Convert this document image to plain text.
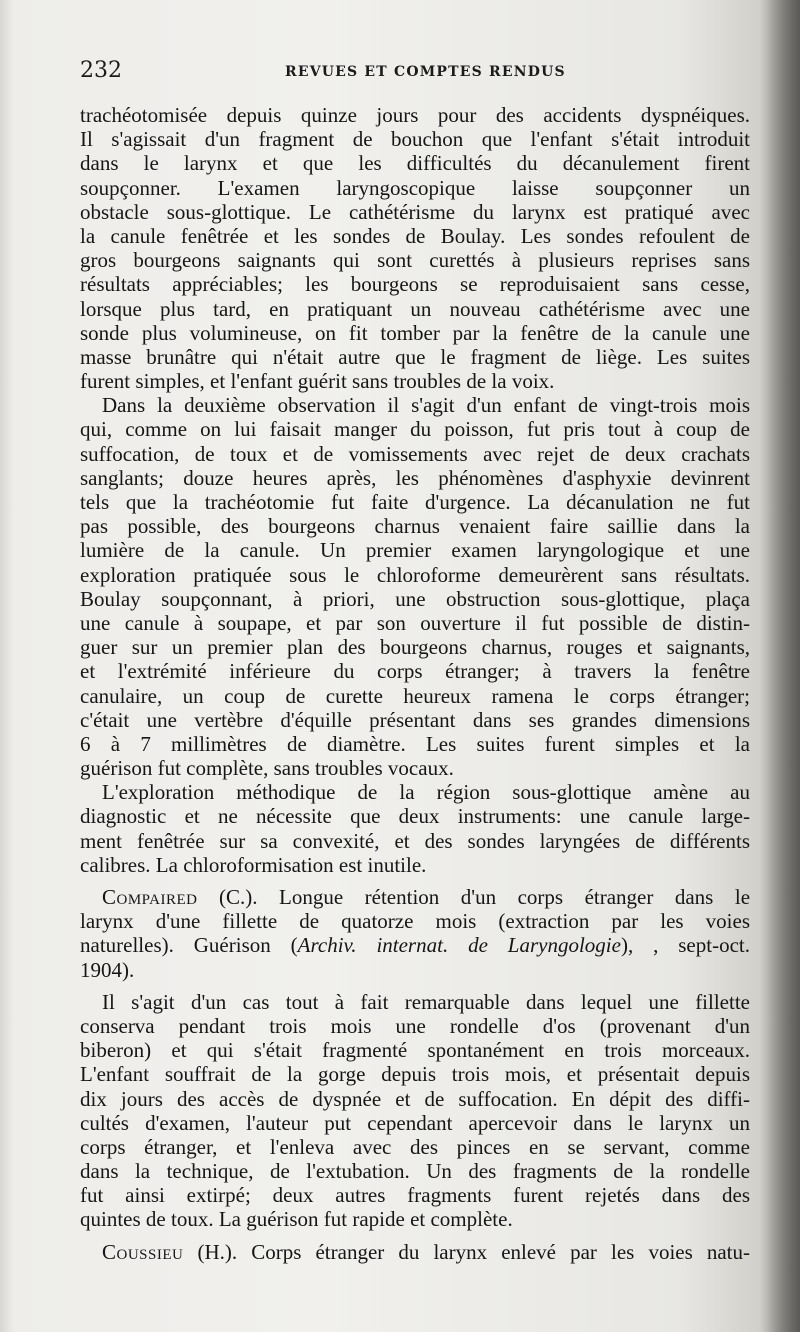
232	REVUES ET COMPTES RENDUS
trachéotomisée depuis quinze jours pour des accidents dyspnéiques.
Il s'agissait d'un fragment de bouchon que l'enfant s'était introduit
dans le larynx et que les difficultés du décanulement firent
soupçonner. L'examen laryngoscopique laisse soupçonner un
obstacle sous-glottique. Le cathétérisme du larynx est pratiqué avec
la canule fenêtrée et les sondes de Boulay. Les sondes refoulent de
gros bourgeons saignants qui sont curettés à plusieurs reprises sans
résultats appréciables; les bourgeons se reproduisaient sans cesse,
lorsque plus tard, en pratiquant un nouveau cathétérisme avec une
sonde plus volumineuse, on fit tomber par la fenêtre de la canule une
masse brunâtre qui n'était autre que le fragment de liège. Les suites
furent simples, et l'enfant guérit sans troubles de la voix.
Dans la deuxième observation il s'agit d'un enfant de vingt-trois mois
qui, comme on lui faisait manger du poisson, fut pris tout à coup de
suffocation, de toux et de vomissements avec rejet de deux crachats
sanglants; douze heures après, les phénomènes d'asphyxie devinrent
tels que la trachéotomie fut faite d'urgence. La décanulation ne fut
pas possible, des bourgeons charnus venaient faire saillie dans la
lumière de la canule. Un premier examen laryngologique et une
exploration pratiquée sous le chloroforme demeurèrent sans résultats.
Boulay soupçonnant, à priori, une obstruction sous-glottique, plaça
une canule à soupape, et par son ouverture il fut possible de distin-
guer sur un premier plan des bourgeons charnus, rouges et saignants,
et l'extrémité inférieure du corps étranger; à travers la fenêtre
canulaire, un coup de curette heureux ramena le corps étranger;
c'était une vertèbre d'équille présentant dans ses grandes dimensions
6 à 7 millimètres de diamètre. Les suites furent simples et la
guérison fut complète, sans troubles vocaux.
L'exploration méthodique de la région sous-glottique amène au
diagnostic et ne nécessite que deux instruments: une canule large-
ment fenêtrée sur sa convexité, et des sondes laryngées de différents
calibres. La chloroformisation est inutile.
Compaired (C.). Longue rétention d'un corps étranger dans le
larynx d'une fillette de quatorze mois (extraction par les voies
naturelles). Guérison (Archiv. internat. de Laryngologie), , sept-oct.
1904).
Il s'agit d'un cas tout à fait remarquable dans lequel une fillette
conserva pendant trois mois une rondelle d'os (provenant d'un
biberon) et qui s'était fragmenté spontanément en trois morceaux.
L'enfant souffrait de la gorge depuis trois mois, et présentait depuis
dix jours des accès de dyspnée et de suffocation. En dépit des diffi-
cultés d'examen, l'auteur put cependant apercevoir dans le larynx un
corps étranger, et l'enleva avec des pinces en se servant, comme
dans la technique, de l'extubation. Un des fragments de la rondelle
fut ainsi extirpé; deux autres fragments furent rejetés dans des
quintes de toux. La guérison fut rapide et complète.
Coussieu (H.). Corps étranger du larynx enlevé par les voies natu-
